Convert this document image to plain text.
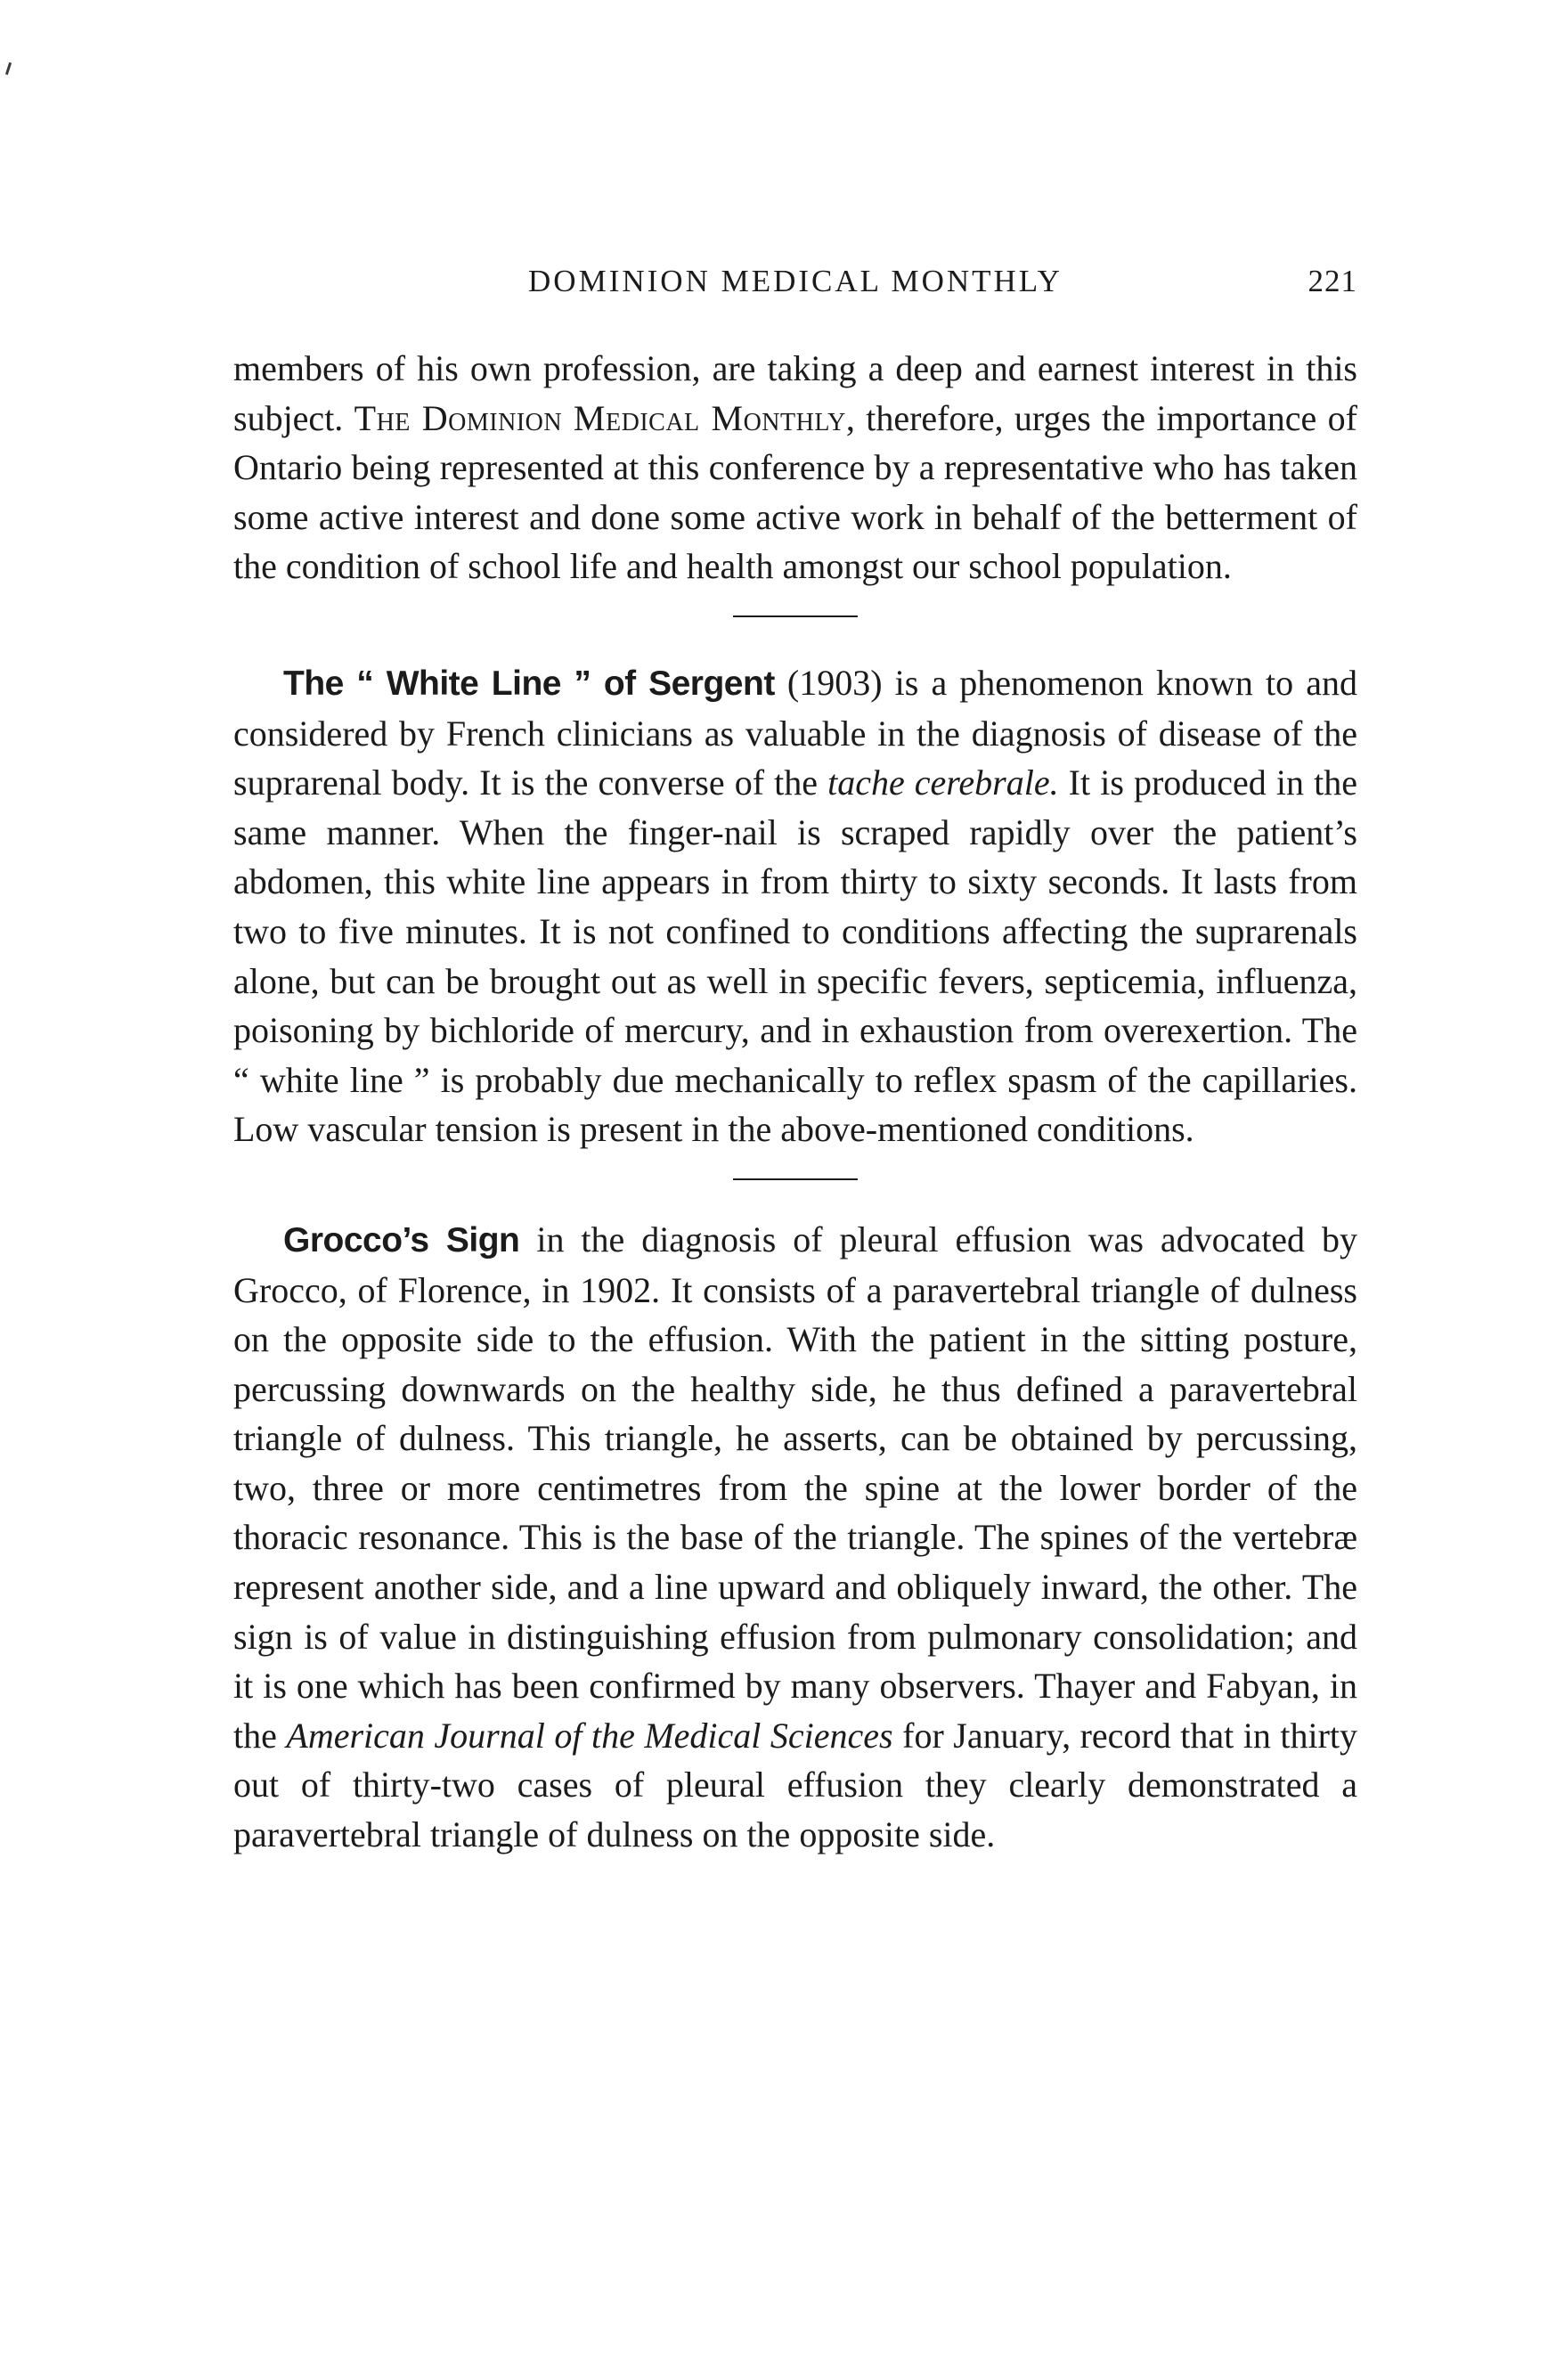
DOMINION MEDICAL MONTHLY	221

members of his own profession, are taking a deep and earnest interest in this subject. The Dominion Medical Monthly, therefore, urges the importance of Ontario being represented at this conference by a representative who has taken some active interest and done some active work in behalf of the betterment of the condition of school life and health amongst our school population.

The “ White Line ” of Sergent (1903) is a phenomenon known to and considered by French clinicians as valuable in the diagnosis of disease of the suprarenal body. It is the converse of the tache cerebrale. It is produced in the same manner. When the finger-nail is scraped rapidly over the patient’s abdomen, this white line appears in from thirty to sixty seconds. It lasts from two to five minutes. It is not confined to conditions affecting the suprarenals alone, but can be brought out as well in specific fevers, septicemia, influenza, poisoning by bichloride of mercury, and in exhaustion from overexertion. The “ white line ” is probably due mechanically to reflex spasm of the capillaries. Low vascular tension is present in the above-mentioned conditions.

Grocco’s Sign in the diagnosis of pleural effusion was advocated by Grocco, of Florence, in 1902. It consists of a paravertebral triangle of dulness on the opposite side to the effusion. With the patient in the sitting posture, percussing downwards on the healthy side, he thus defined a paravertebral triangle of dulness. This triangle, he asserts, can be obtained by percussing, two, three or more centimetres from the spine at the lower border of the thoracic resonance. This is the base of the triangle. The spines of the vertebræ represent another side, and a line upward and obliquely inward, the other. The sign is of value in distinguishing effusion from pulmonary consolidation; and it is one which has been confirmed by many observers. Thayer and Fabyan, in the American Journal of the Medical Sciences for January, record that in thirty out of thirty-two cases of pleural effusion they clearly demonstrated a paravertebral triangle of dulness on the opposite side.
